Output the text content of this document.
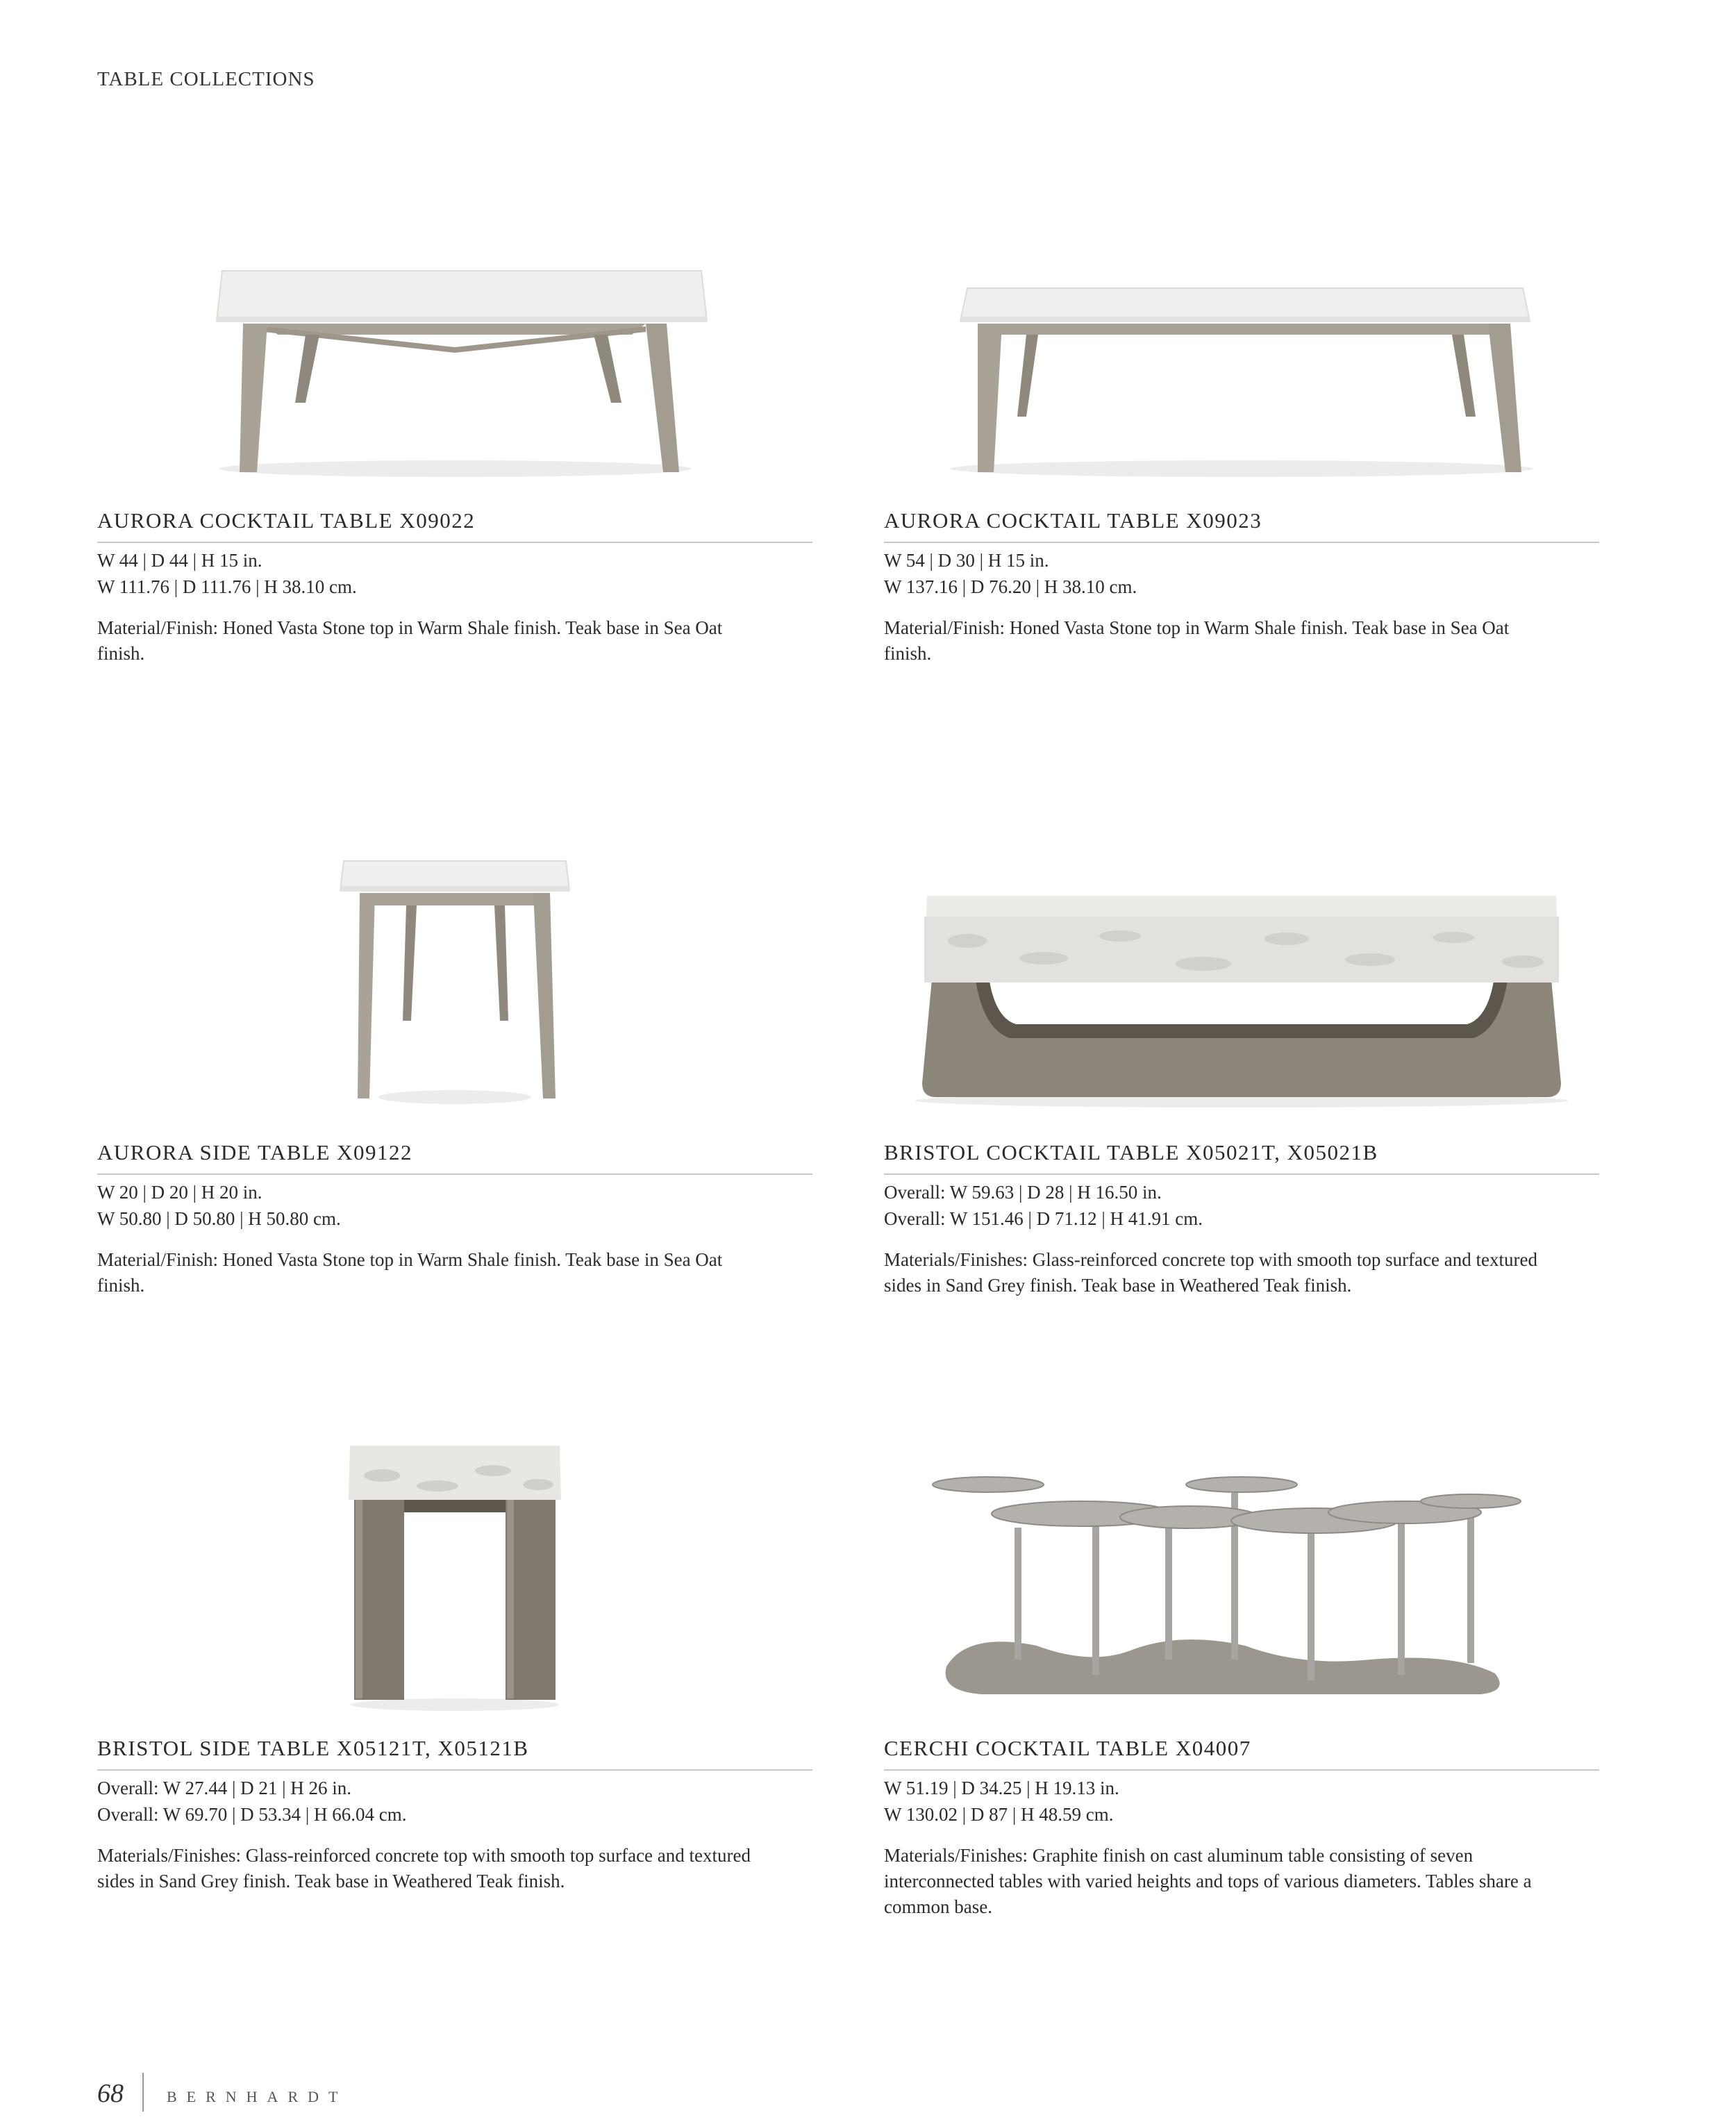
TABLE COLLECTIONS
AURORA COCKTAIL TABLE X09022
W 44 | D 44 | H 15 in.
W 111.76 | D 111.76 | H 38.10 cm.
Material/Finish: Honed Vasta Stone top in Warm Shale finish. Teak base in Sea Oat finish.
AURORA COCKTAIL TABLE X09023
W 54 | D 30 | H 15 in.
W 137.16 | D 76.20 | H 38.10 cm.
Material/Finish: Honed Vasta Stone top in Warm Shale finish. Teak base in Sea Oat finish.
AURORA SIDE TABLE X09122
W 20 | D 20 | H 20 in.
W 50.80 | D 50.80 | H 50.80 cm.
Material/Finish: Honed Vasta Stone top in Warm Shale finish. Teak base in Sea Oat finish.
BRISTOL COCKTAIL TABLE X05021T, X05021B
Overall: W 59.63 | D 28 | H 16.50 in.
Overall: W 151.46 | D 71.12 | H 41.91 cm.
Materials/Finishes: Glass-reinforced concrete top with smooth top surface and textured sides in Sand Grey finish. Teak base in Weathered Teak finish.
BRISTOL SIDE TABLE X05121T, X05121B
Overall: W 27.44 | D 21 | H 26 in.
Overall: W 69.70 | D 53.34 | H 66.04 cm.
Materials/Finishes: Glass-reinforced concrete top with smooth top surface and textured sides in Sand Grey finish. Teak base in Weathered Teak finish.
CERCHI COCKTAIL TABLE X04007
W 51.19 | D 34.25 | H 19.13 in.
W 130.02 | D 87 | H 48.59 cm.
Materials/Finishes: Graphite finish on cast aluminum table consisting of seven interconnected tables with varied heights and tops of various diameters. Tables share a common base.
68	BERNHARDT
